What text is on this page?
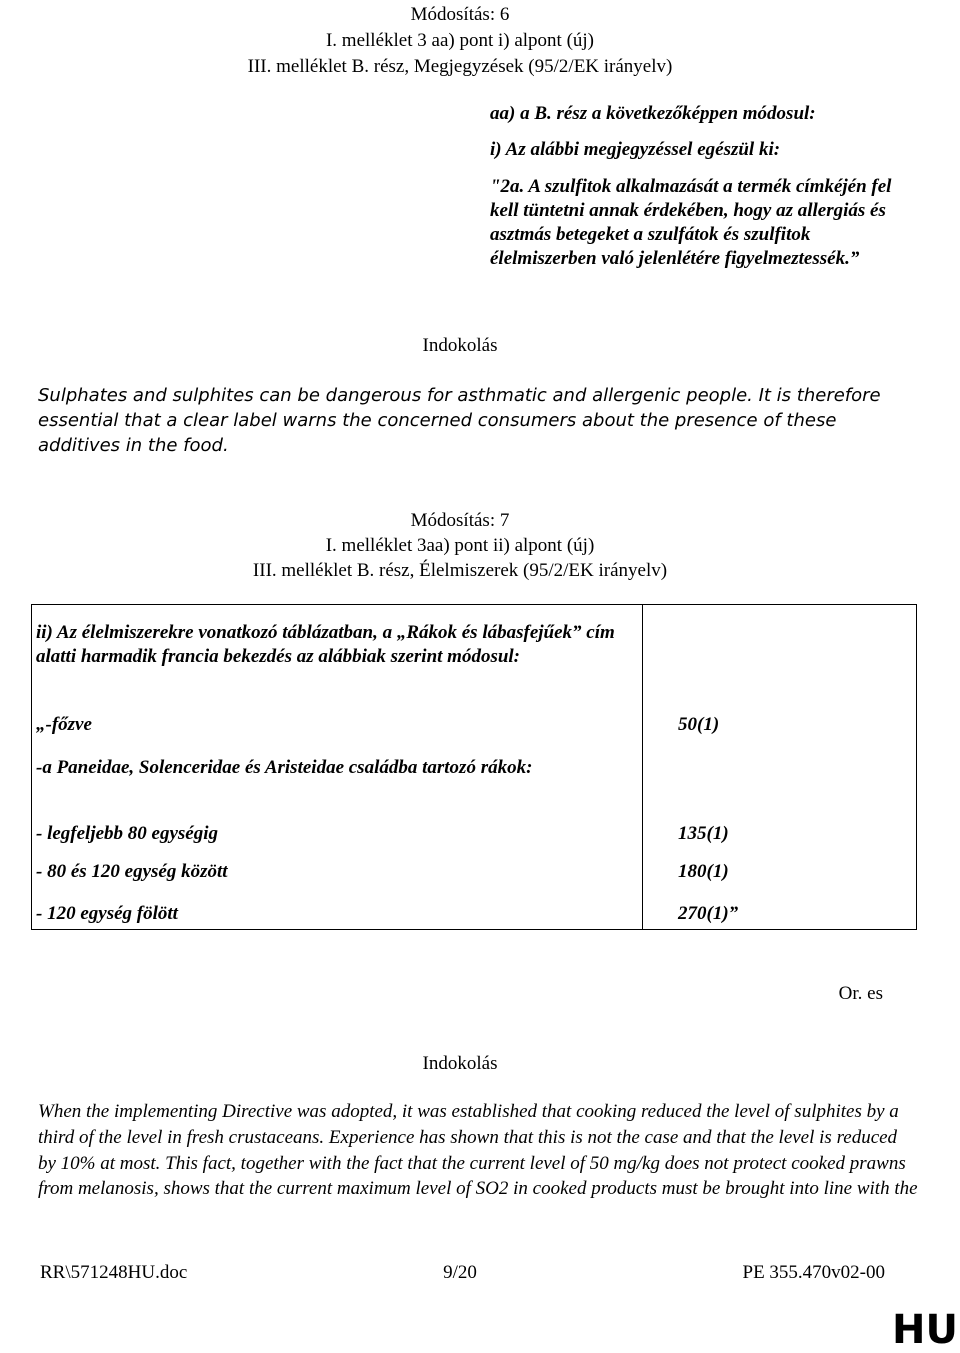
Módosítás: 6
I. melléklet 3 aa) pont i) alpont (új)
III. melléklet B. rész, Megjegyzések (95/2/EK irányelv)

aa) a B. rész a következőképpen módosul:

i) Az alábbi megjegyzéssel egészül ki:

"2a. A szulfitok alkalmazását a termék címkéjén fel kell tüntetni annak érdekében, hogy az allergiás és asztmás betegeket a szulfátok és szulfitok élelmiszerben való jelenlétére figyelmeztessék.”

Indokolás
Sulphates and sulphites can be dangerous for asthmatic and allergenic people. It is therefore essential that a clear label warns the concerned consumers about the presence of these additives in the food.
Módosítás: 7
I. melléklet 3aa) pont ii) alpont (új)
III. melléklet B. rész, Élelmiszerek (95/2/EK irányelv)
ii) Az élelmiszerekre vonatkozó táblázatban, a „Rákok és lábasfejűek” cím alatti harmadik francia bekezdés az alábbiak szerint módosul:
„-főzve	50(1)
-a Paneidae, Solenceridae és Aristeidae családba tartozó rákok:
- legfeljebb 80 egységig	135(1)
- 80 és 120 egység között	180(1)
- 120 egység fölött	270(1)”
Or. es
Indokolás
When the implementing Directive was adopted, it was established that cooking reduced the level of sulphites by a third of the level in fresh crustaceans. Experience has shown that this is not the case and that the level is reduced by 10% at most. This fact, together with the fact that the current level of 50 mg/kg does not protect cooked prawns from melanosis, shows that the current maximum level of SO2 in cooked products must be brought into line with the
RR\571248HU.doc	9/20	PE 355.470v02-00
HU
